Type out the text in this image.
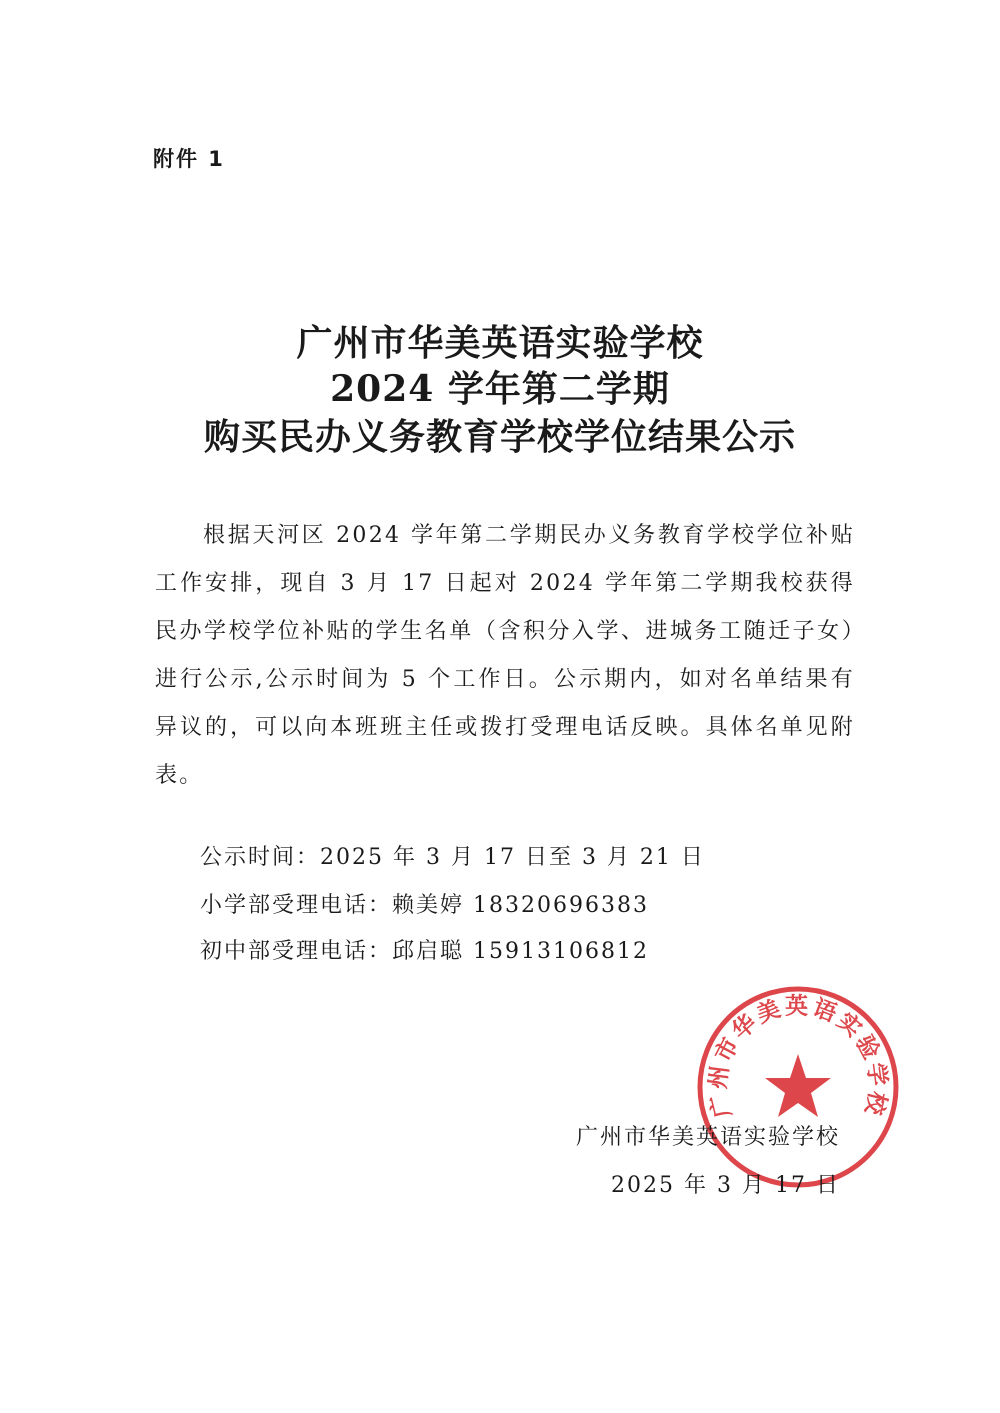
附件 1
广州市华美英语实验学校
2024 学年第二学期
购买民办义务教育学校学位结果公示

根据天河区 2024 学年第二学期民办义务教育学校学位补贴工作安排，现自 3 月 17 日起对 2024 学年第二学期我校获得民办学校学位补贴的学生名单（含积分入学、进城务工随迁子女）进行公示,公示时间为 5 个工作日。公示期内，如对名单结果有异议的，可以向本班班主任或拨打受理电话反映。具体名单见附表。

公示时间：2025 年 3 月 17 日至 3 月 21 日
小学部受理电话：赖美婷 18320696383
初中部受理电话：邱启聪 15913106812
广州市华美英语实验学校
广州市华美英语实验学校
2025 年 3 月 17 日
